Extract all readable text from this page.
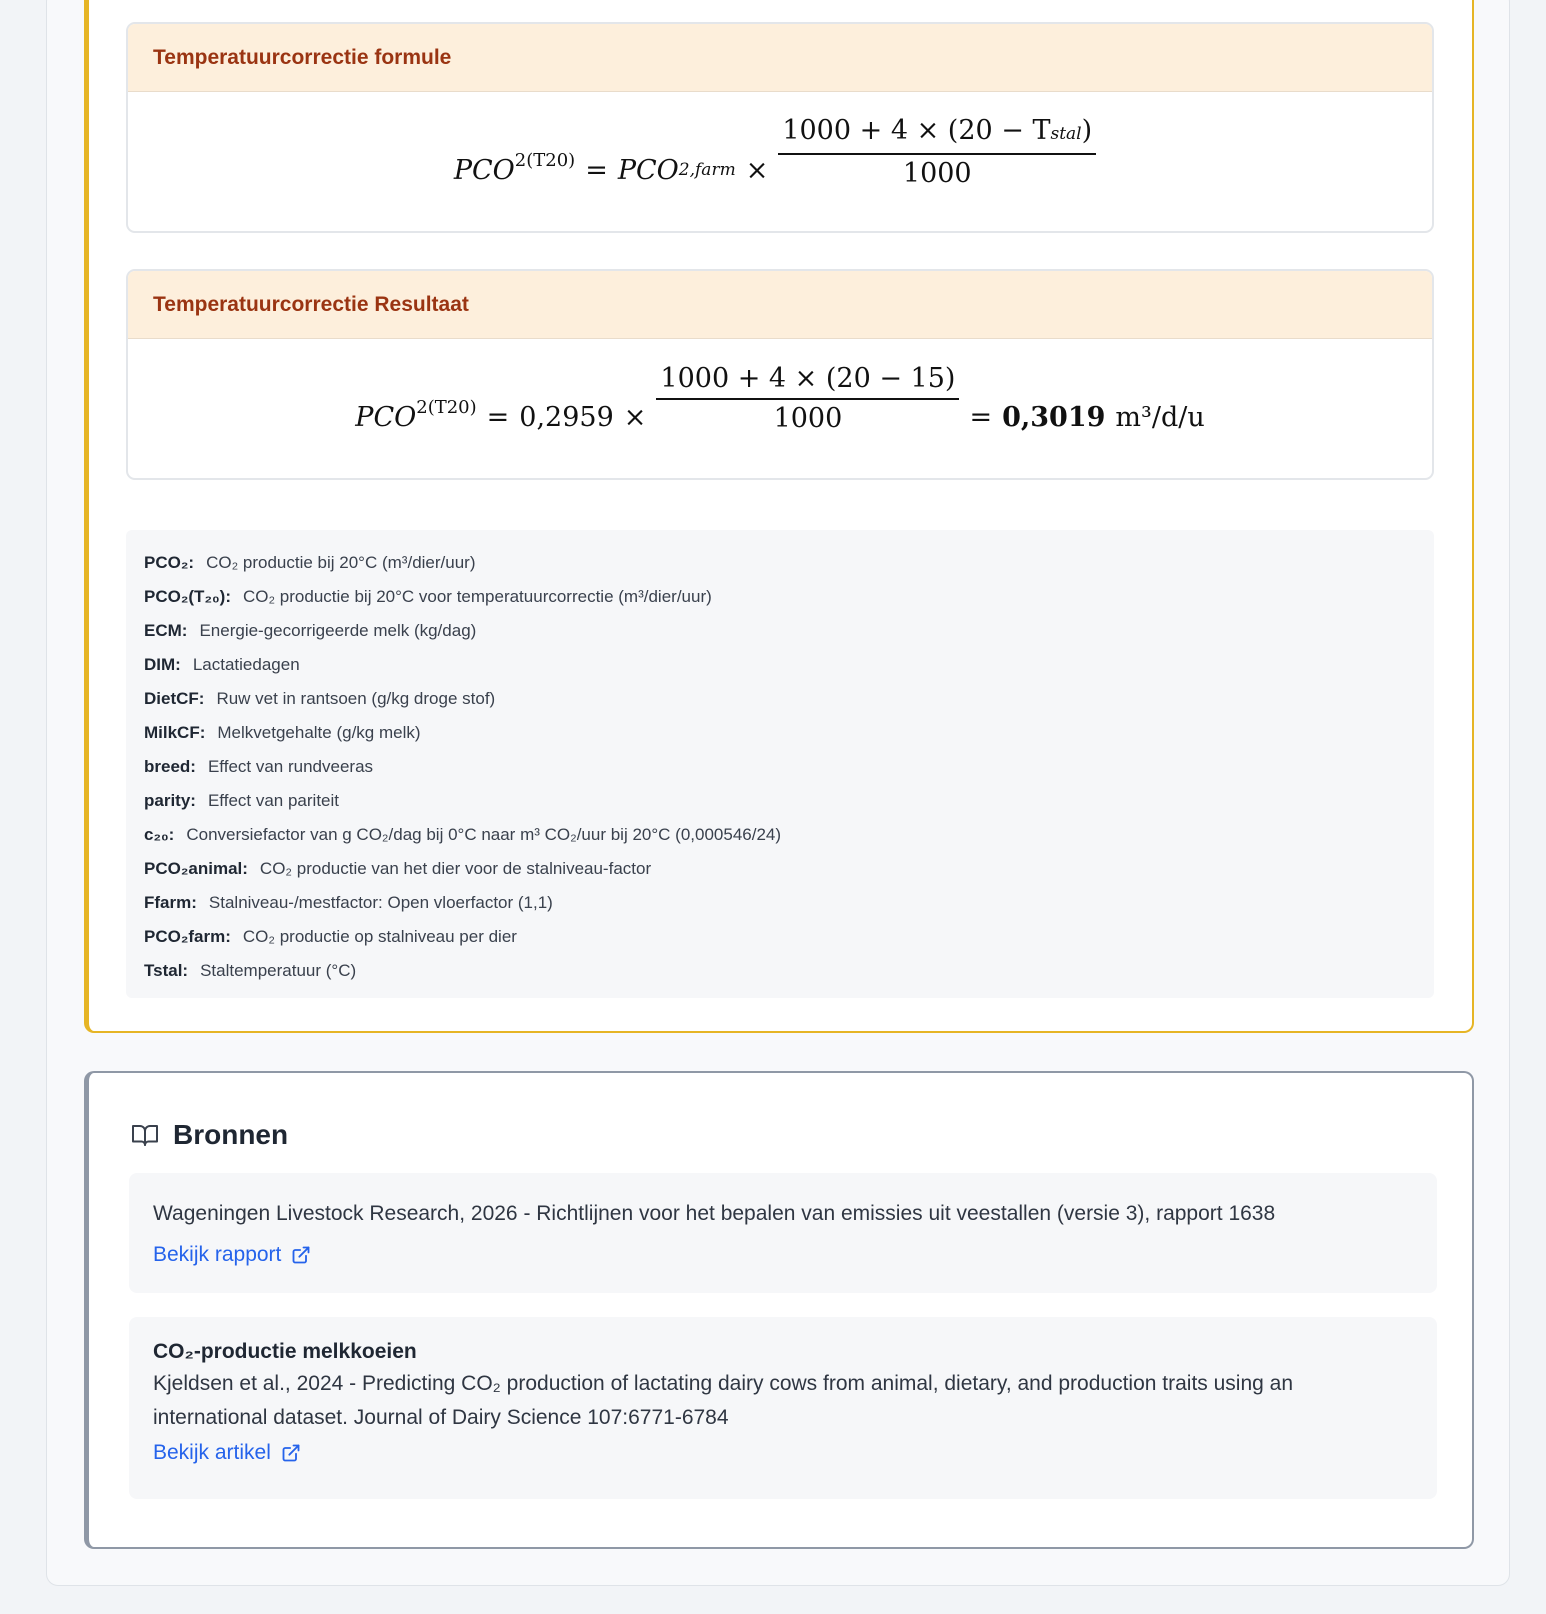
Temperatuurcorrectie formule
$PCO^{2(T20)}$ = PCO 2,farm × $\frac{\text{1000 + 4 × (20 − Tstal)}}{1000}$
Temperatuurcorrectie Resultaat
$PCO^{2(T20)} = 0,2959 \times \frac{1000 + 4 \times (20 - 15)}{1000} = 0,3019$ m³/d/u
PCO₂: CO₂ productie bij 20°C (m³/dier/uur)
PCO₂(T₂₀): CO₂ productie bij 20°C voor temperatuurcorrectie (m³/dier/uur)
ECM: Energie-gecorrigeerde melk (kg/dag)
DIM: Lactatiedagen
DietCF: Ruw vet in rantsoen (g/kg droge stof)
MilkCF: Melkvetgehalte (g/kg melk)
breed: Effect van rundveeras
parity: Effect van pariteit
c₂₀: Conversiefactor van g CO₂/dag bij 0°C naar m³ CO₂/uur bij 20°C (0,000546/24)
PCO₂animal: CO₂ productie van het dier voor de stalniveau-factor
Ffarm: Stalniveau-/mestfactor: Open vloerfactor (1,1)
PCO₂farm: CO₂ productie op stalniveau per dier
Tstal: Staltemperatuur (°C)
Bronnen
Wageningen Livestock Research, 2026 - Richtlijnen voor het bepalen van emissies uit veestallen (versie 3), rapport 1638
Bekijk rapport
CO₂-productie melkkoeien
Kjeldsen et al., 2024 - Predicting CO₂ production of lactating dairy cows from animal, dietary, and production traits using an international dataset. Journal of Dairy Science 107:6771-6784
Bekijk artikel
